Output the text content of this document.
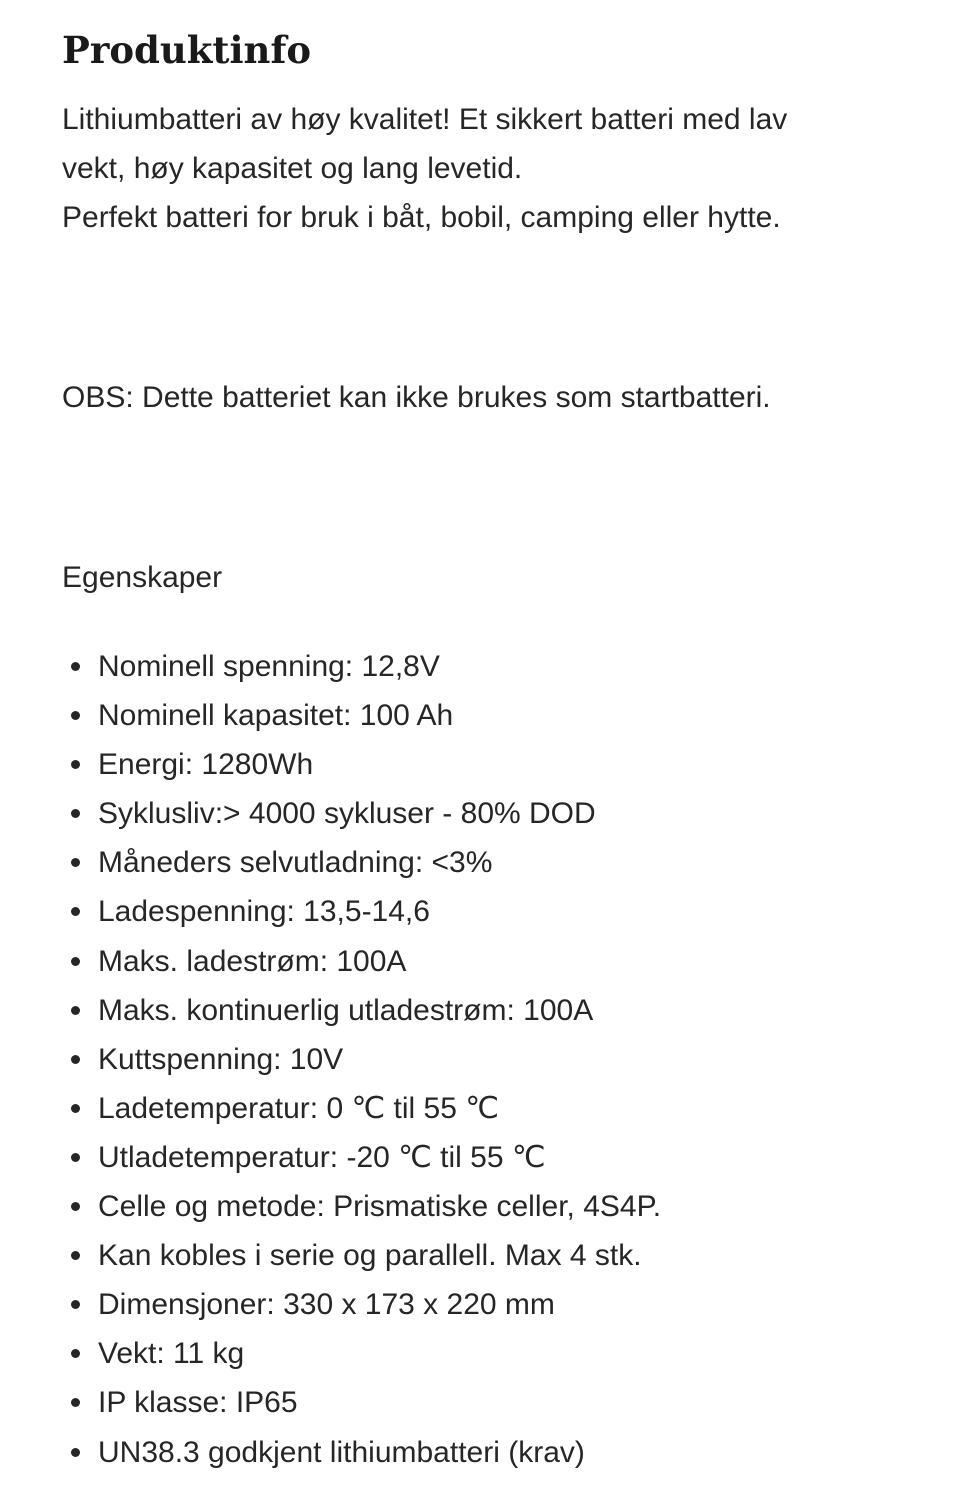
Produktinfo

Lithiumbatteri av høy kvalitet! Et sikkert batteri med lav
vekt, høy kapasitet og lang levetid.
Perfekt batteri for bruk i båt, bobil, camping eller hytte.

OBS: Dette batteriet kan ikke brukes som startbatteri.

Egenskaper

Nominell spenning: 12,8V
Nominell kapasitet: 100 Ah
Energi: 1280Wh
Syklusliv:> 4000 sykluser - 80% DOD
Måneders selvutladning: <3%
Ladespenning: 13,5-14,6
Maks. ladestrøm: 100A
Maks. kontinuerlig utladestrøm: 100A
Kuttspenning: 10V
Ladetemperatur: 0 ℃ til 55 ℃
Utladetemperatur: -20 ℃ til 55 ℃
Celle og metode: Prismatiske celler, 4S4P.
Kan kobles i serie og parallell. Max 4 stk.
Dimensjoner: 330 x 173 x 220 mm
Vekt: 11 kg
IP klasse: IP65
UN38.3 godkjent lithiumbatteri (krav)
